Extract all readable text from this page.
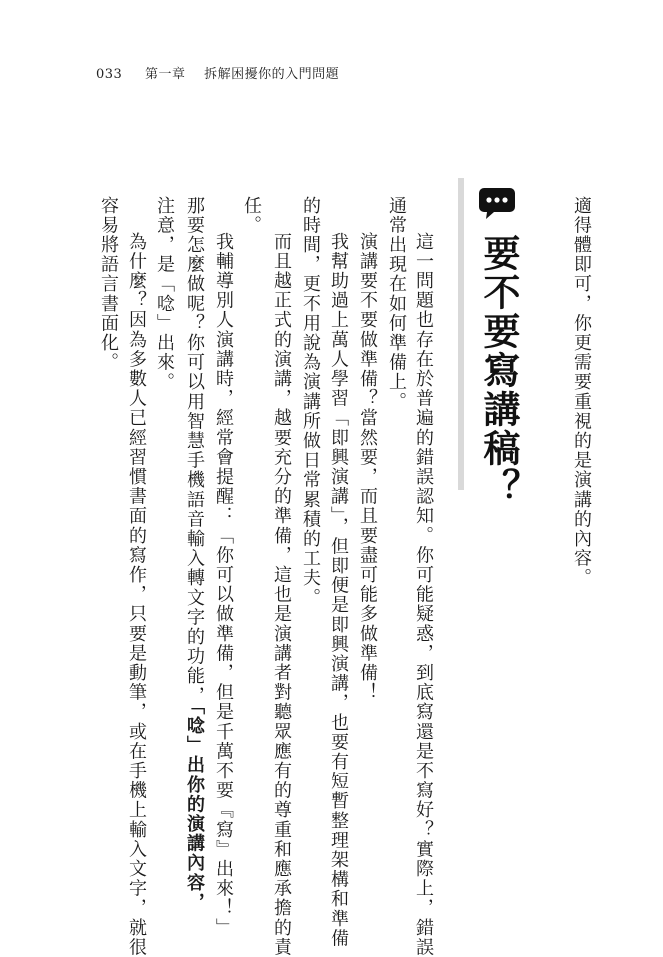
033 第一章 拆解困擾你的入門問題
適得體即可，你更需要重視的是演講的內容。
要不要寫講稿？
這一問題也存在於普遍的錯誤認知。你可能疑惑，到底寫還是不寫好？實際上，錯誤
通常出現在如何準備上。
演講要不要做準備？當然要，而且要盡可能多做準備！
我幫助過上萬人學習「即興演講」，但即便是即興演講，也要有短暫整理架構和準備
的時間，更不用說為演講所做日常累積的工夫。
而且越正式的演講，越要充分的準備，這也是演講者對聽眾應有的尊重和應承擔的責
任。
我輔導別人演講時，經常會提醒：「你可以做準備，但是千萬不要『寫』出來！」
那要怎麼做呢？你可以用智慧手機語音輸入轉文字的功能，「唸」出你的演講內容，
注意，是「唸」出來。
為什麼？因為多數人已經習慣書面的寫作，只要是動筆，或在手機上輸入文字，就很
容易將語言書面化。
